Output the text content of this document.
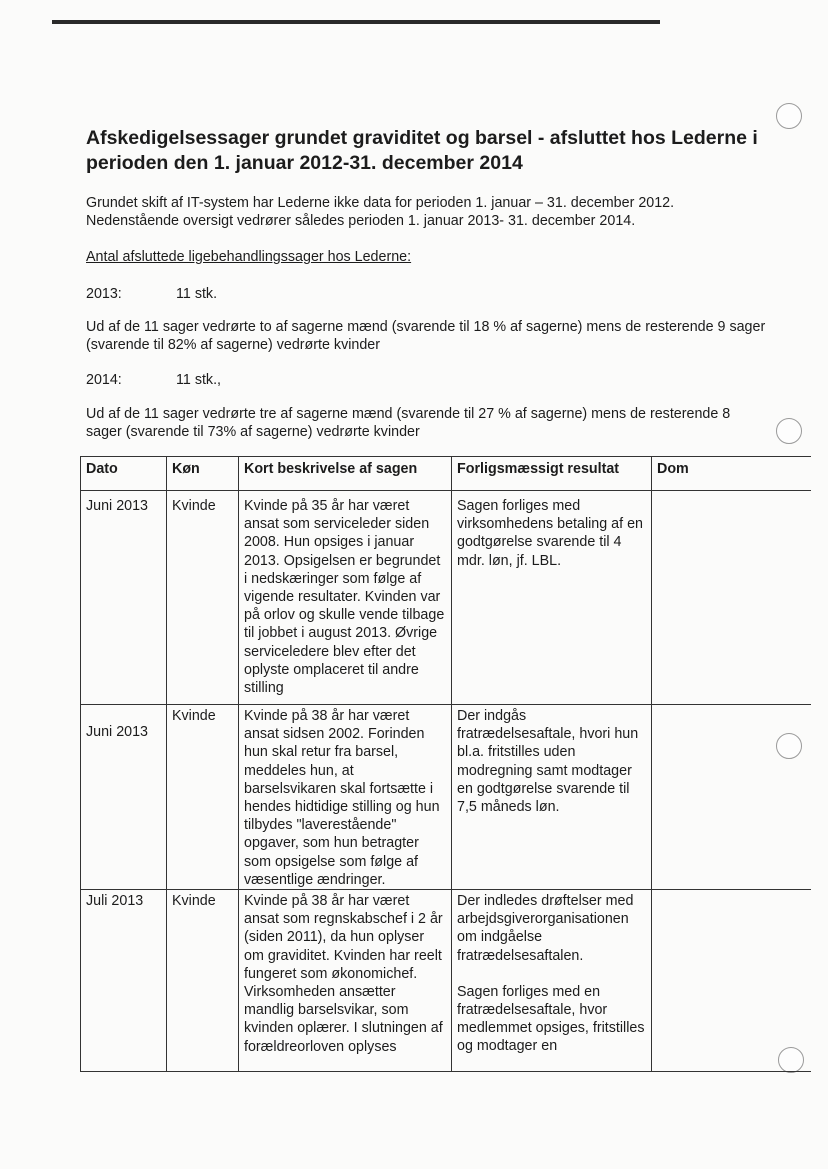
Afskedigelsessager grundet graviditet og barsel - afsluttet hos Lederne i perioden den 1. januar 2012-31. december 2014

Grundet skift af IT-system har Lederne ikke data for perioden 1. januar – 31. december 2012. Nedenstående oversigt vedrører således perioden 1. januar 2013- 31. december 2014.

Antal afsluttede ligebehandlingssager hos Lederne:

2013:	11 stk.

Ud af de 11 sager vedrørte to af sagerne mænd (svarende til 18 % af sagerne) mens de resterende 9 sager (svarende til 82% af sagerne) vedrørte kvinder

2014:	11 stk.,

Ud af de 11 sager vedrørte tre af sagerne mænd (svarende til 27 % af sagerne) mens de resterende 8 sager (svarende til 73% af sagerne) vedrørte kvinder

Dato	Køn	Kort beskrivelse af sagen	Forligsmæssigt resultat	Dom
Juni 2013	Kvinde	Kvinde på 35 år har været ansat som serviceleder siden 2008. Hun opsiges i januar 2013. Opsigelsen er begrundet i nedskæringer som følge af vigende resultater. Kvinden var på orlov og skulle vende tilbage til jobbet i august 2013. Øvrige serviceledere blev efter det oplyste omplaceret til andre stilling	Sagen forliges med virksomhedens betaling af en godtgørelse svarende til 4 mdr. løn, jf. LBL.	
Juni 2013	Kvinde	Kvinde på 38 år har været ansat sidsen 2002. Forinden hun skal retur fra barsel, meddeles hun, at barselsvikaren skal fortsætte i hendes hidtidige stilling og hun tilbydes "laverestående" opgaver, som hun betragter som opsigelse som følge af væsentlige ændringer.	Der indgås fratrædelsesaftale, hvori hun bl.a. fritstilles uden modregning samt modtager en godtgørelse svarende til 7,5 måneds løn.	
Juli 2013	Kvinde	Kvinde på 38 år har været ansat som regnskabschef i 2 år (siden 2011), da hun oplyser om graviditet. Kvinden har reelt fungeret som økonomichef. Virksomheden ansætter mandlig barselsvikar, som kvinden oplærer. I slutningen af forældreorloven oplyses	Der indledes drøftelser med arbejdsgiverorganisationen om indgåelse fratrædelsesaftalen.
Sagen forliges med en fratrædelsesaftale, hvor medlemmet opsiges, fritstilles og modtager en	
